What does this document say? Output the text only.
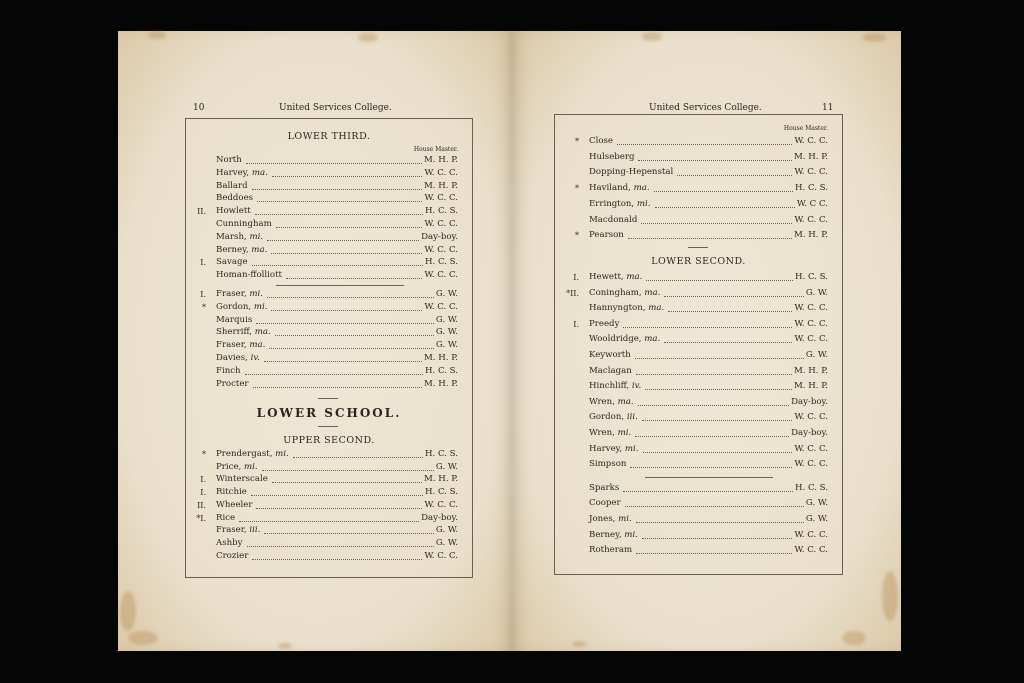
10	United Services College.
LOWER THIRD.
House Master.
North	M. H. P.
Harvey, ma.	W. C. C.
Ballard	M. H. P.
Beddoes	W. C. C.
II. Howlett	H. C. S.
Cunningham	W. C. C.
Marsh, mi.	Day-boy.
Berney, ma.	W. C. C.
I. Savage	H. C. S.
Homan-ffolliott	W. C. C.
I. Fraser, mi.	G. W.
* Gordon, mi.	W. C. C.
Marquis	G. W.
Sherriff, ma.	G. W.
Fraser, ma.	G. W.
Davies, iv.	M. H. P.
Finch	H. C. S.
Procter	M. H. P.
LOWER SCHOOL.
UPPER SECOND.
* Prendergast, mi.	H. C. S.
Price, mi.	G. W.
I. Winterscale	M. H. P.
I. Ritchie	H. C. S.
II. Wheeler	W. C. C.
*I. Rice	Day-boy.
Fraser, iii.	G. W.
Ashby	G. W.
Crozier	W. C. C.
United Services College.	11
House Master.
* Close	W. C. C.
Hulseberg	M. H. P.
Dopping-Hepenstal	W. C. C.
* Haviland, ma.	H. C. S.
Errington, mi.	W. C C.
Macdonald	W. C. C.
* Pearson	M. H. P.
LOWER SECOND.
I. Hewett, ma.	H. C. S.
*II. Coningham, ma.	G. W.
Hannyngton, ma.	W. C. C.
I. Preedy	W. C. C.
Wooldridge, ma.	W. C. C.
Keyworth	G. W.
Maclagan	M. H. P.
Hinchliff, iv.	M. H. P.
Wren, ma.	Day-boy.
Gordon, iii.	W. C. C.
Wren, mi.	Day-boy.
Harvey, mi.	W. C. C.
Simpson	W. C. C.
Sparks	H. C. S.
Cooper	G. W.
Jones, mi.	G. W.
Berney, mi.	W. C. C.
Rotheram	W. C. C.
